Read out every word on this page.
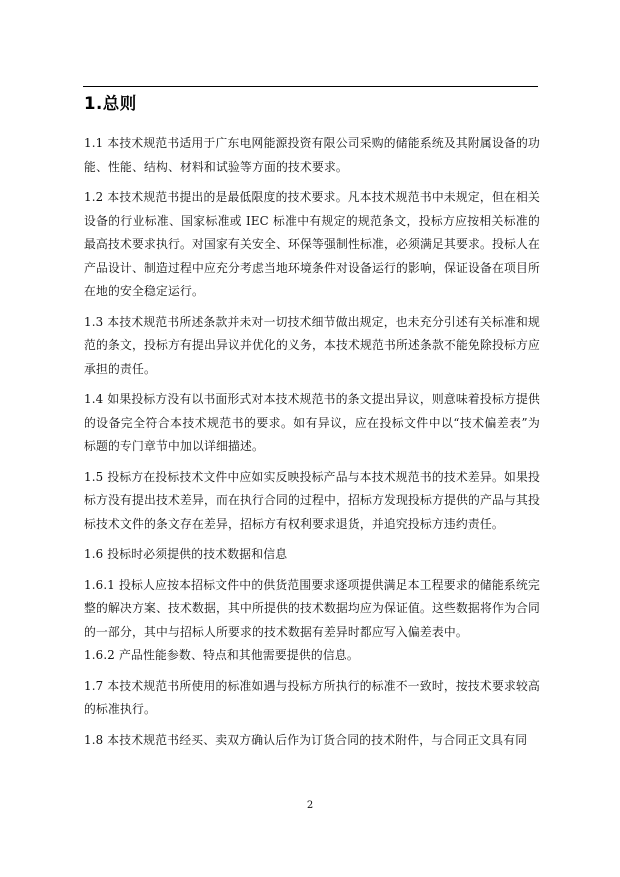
1.总则

1.1 本技术规范书适用于广东电网能源投资有限公司采购的储能系统及其附属设备的功能、性能、结构、材料和试验等方面的技术要求。

1.2 本技术规范书提出的是最低限度的技术要求。凡本技术规范书中未规定，但在相关设备的行业标准、国家标准或 IEC 标准中有规定的规范条文，投标方应按相关标准的最高技术要求执行。对国家有关安全、环保等强制性标准，必须满足其要求。投标人在产品设计、制造过程中应充分考虑当地环境条件对设备运行的影响，保证设备在项目所在地的安全稳定运行。

1.3 本技术规范书所述条款并未对一切技术细节做出规定，也未充分引述有关标准和规范的条文，投标方有提出异议并优化的义务，本技术规范书所述条款不能免除投标方应承担的责任。

1.4 如果投标方没有以书面形式对本技术规范书的条文提出异议，则意味着投标方提供的设备完全符合本技术规范书的要求。如有异议，应在投标文件中以“技术偏差表”为标题的专门章节中加以详细描述。

1.5 投标方在投标技术文件中应如实反映投标产品与本技术规范书的技术差异。如果投标方没有提出技术差异，而在执行合同的过程中，招标方发现投标方提供的产品与其投标技术文件的条文存在差异，招标方有权利要求退货，并追究投标方违约责任。

1.6 投标时必须提供的技术数据和信息

1.6.1 投标人应按本招标文件中的供货范围要求逐项提供满足本工程要求的储能系统完整的解决方案、技术数据，其中所提供的技术数据均应为保证值。这些数据将作为合同的一部分，其中与招标人所要求的技术数据有差异时都应写入偏差表中。

1.6.2 产品性能参数、特点和其他需要提供的信息。

1.7 本技术规范书所使用的标准如遇与投标方所执行的标准不一致时，按技术要求较高的标准执行。

1.8 本技术规范书经买、卖双方确认后作为订货合同的技术附件，与合同正文具有同

2
